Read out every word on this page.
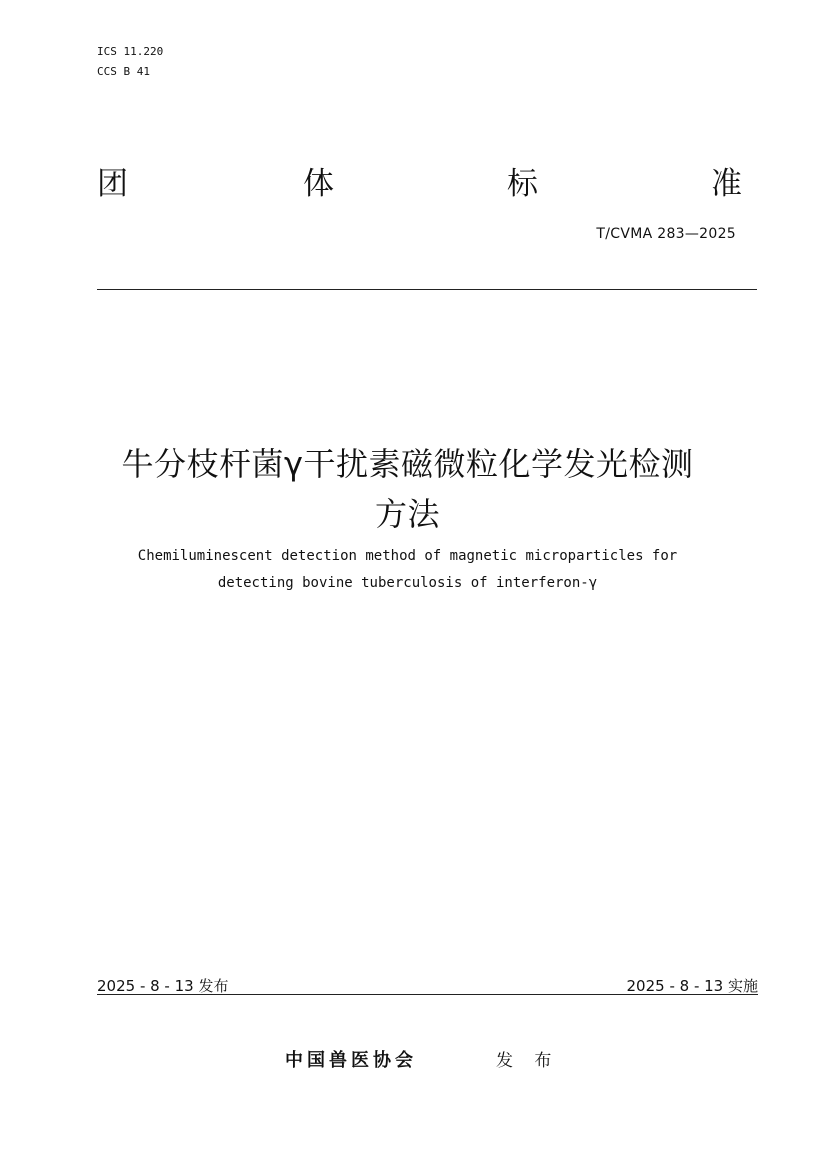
ICS 11.220
CCS B 41
团	体	标	准
T/CVMA 283—2025
牛分枝杆菌γ干扰素磁微粒化学发光检测
方法
Chemiluminescent detection method of magnetic microparticles for
detecting bovine tuberculosis of interferon-γ
2025 - 8 - 13 发布	2025 - 8 - 13 实施
中国兽医协会	发 布
